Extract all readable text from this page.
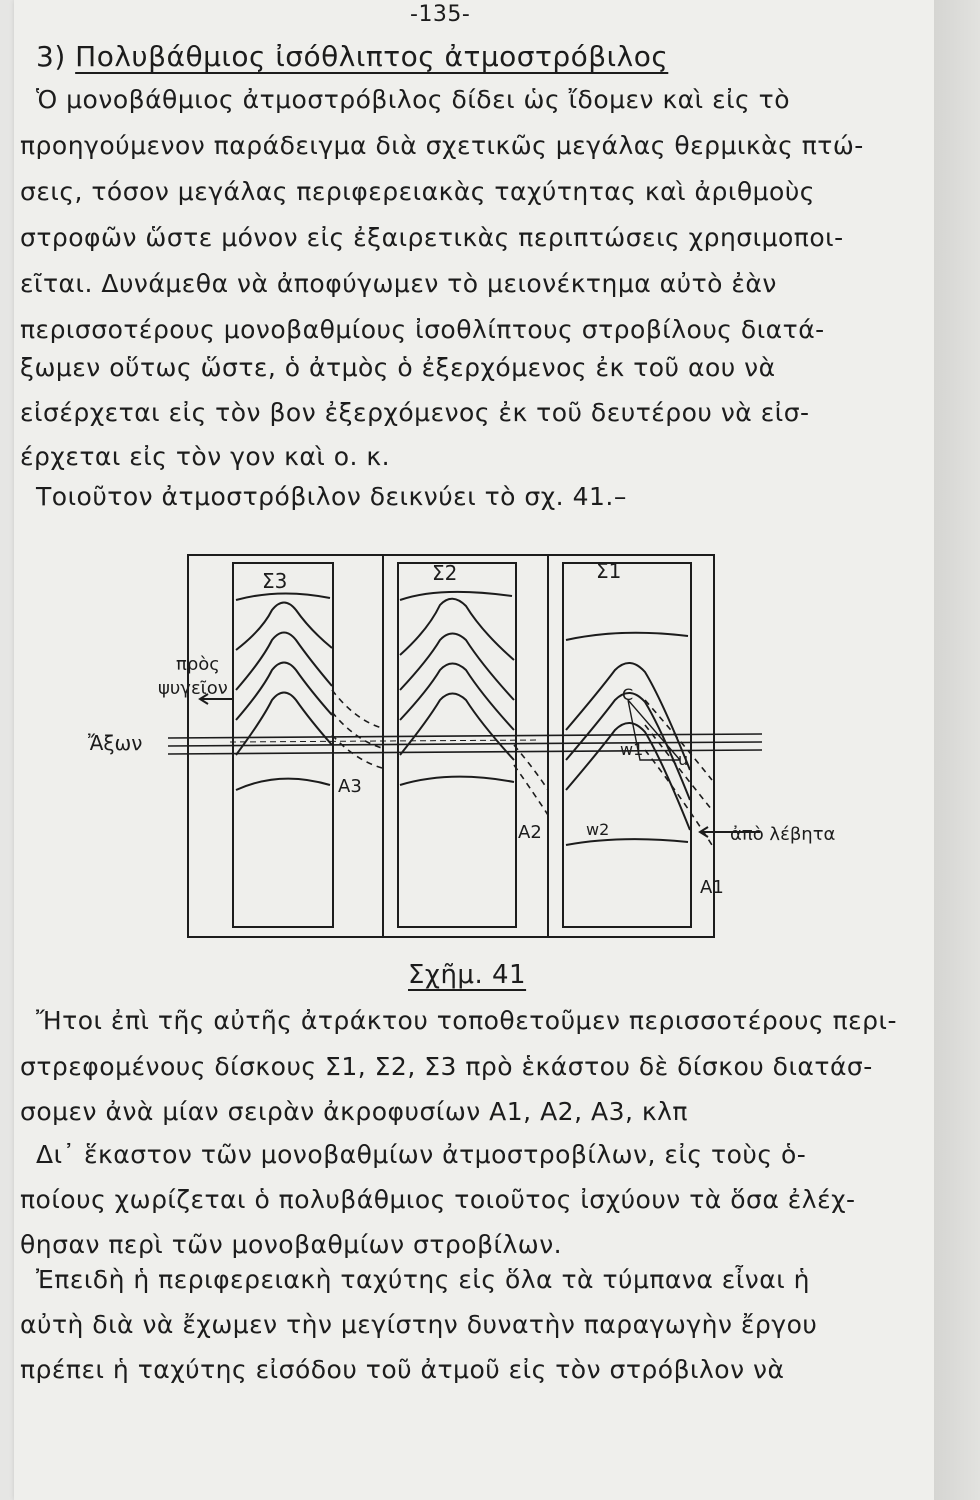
-135-
3) Πολυβάθμιος ἰσόθλιπτος ἀτμοστρόβιλος
Ὁ μονοβάθμιος ἀτμοστρόβιλος δίδει ὡς ἴδομεν καὶ εἰς τὸ
προηγούμενον παράδειγμα διὰ σχετικῶς μεγάλας θερμικὰς πτώ-
σεις, τόσον μεγάλας περιφερειακὰς ταχύτητας καὶ ἀριθμοὺς
στροφῶν ὥστε μόνον εἰς ἐξαιρετικὰς περιπτώσεις χρησιμοποι-
εῖται. Δυνάμεθα νὰ ἀποφύγωμεν τὸ μειονέκτημα αὐτὸ ἐὰν
περισσοτέρους μονοβαθμίους ἰσοθλίπτους στροβίλους διατά-
ξωμεν οὕτως ὥστε, ὁ ἀτμὸς ὁ ἐξερχόμενος ἐκ τοῦ αου νὰ
εἰσέρχεται εἰς τὸν βον ἐξερχόμενος ἐκ τοῦ δευτέρου νὰ εἰσ-
έρχεται εἰς τὸν γον καὶ ο. κ.
Τοιοῦτον ἀτμοστρόβιλον δεικνύει τὸ σχ. 41.–
Σ3	Σ2	Σ1
A3
A2
A1
πρὸς
ψυγεῖον
Ἄξων
ἀπὸ λέβητα
C
w1
w2
u
Σχῆμ. 41
Ἤτοι ἐπὶ τῆς αὐτῆς ἀτράκτου τοποθετοῦμεν περισσοτέρους περι-
στρεφομένους δίσκους Σ1, Σ2, Σ3 πρὸ ἑκάστου δὲ δίσκου διατάσ-
σομεν ἀνὰ μίαν σειρὰν ἀκροφυσίων Α1, Α2, Α3, κλπ
Δι᾽ ἕκαστον τῶν μονοβαθμίων ἀτμοστροβίλων, εἰς τοὺς ὁ-
ποίους χωρίζεται ὁ πολυβάθμιος τοιοῦτος ἰσχύουν τὰ ὅσα ἐλέχ-
θησαν περὶ τῶν μονοβαθμίων στροβίλων.
Ἐπειδὴ ἡ περιφερειακὴ ταχύτης εἰς ὅλα τὰ τύμπανα εἶναι ἡ
αὐτὴ διὰ νὰ ἔχωμεν τὴν μεγίστην δυνατὴν παραγωγὴν ἔργου
πρέπει ἡ ταχύτης εἰσόδου τοῦ ἀτμοῦ εἰς τὸν στρόβιλον νὰ
